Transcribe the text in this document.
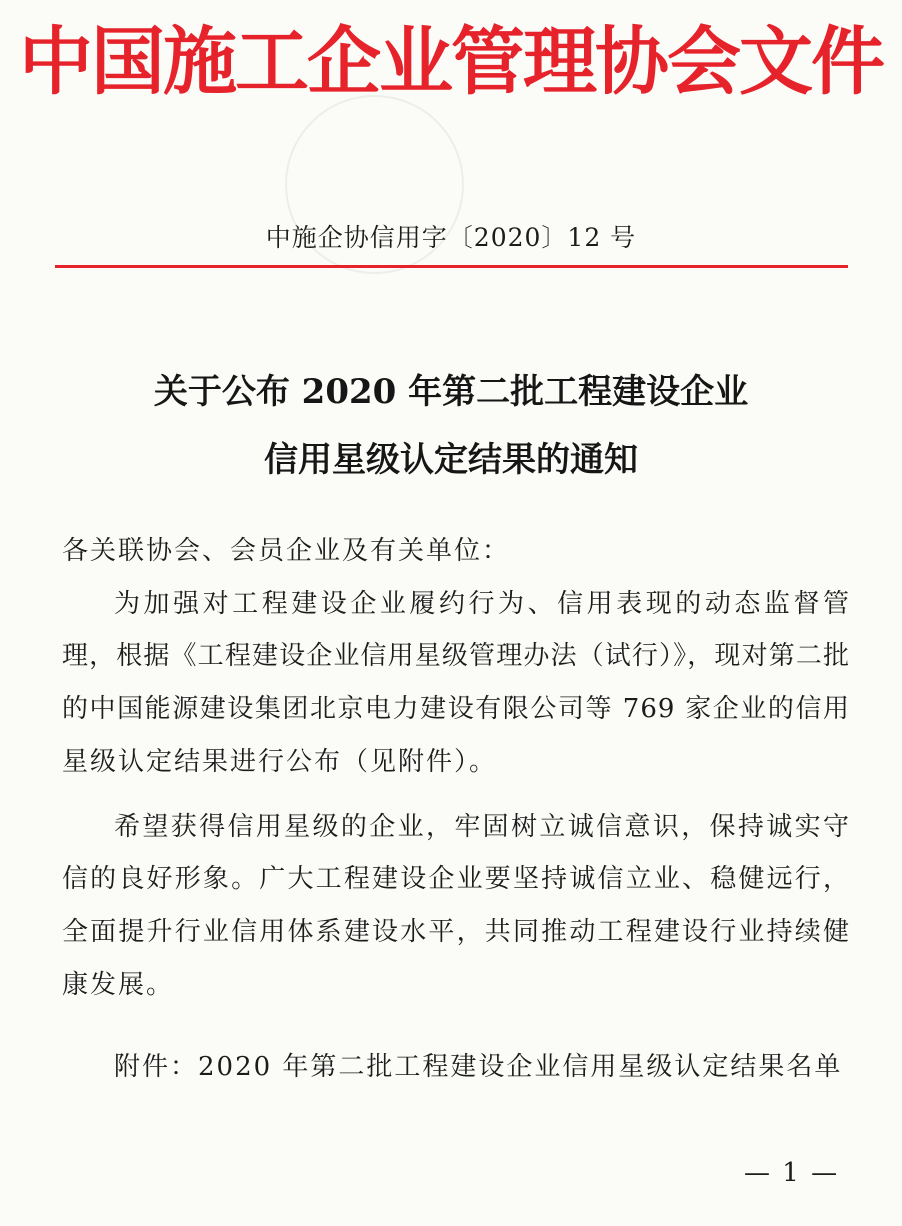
中国施工企业管理协会文件
中施企协信用字〔2020〕12 号
关于公布 2020 年第二批工程建设企业
信用星级认定结果的通知
各关联协会、会员企业及有关单位：
为加强对工程建设企业履约行为、信用表现的动态监督管
理，根据《工程建设企业信用星级管理办法（试行）》，现对第二批
的中国能源建设集团北京电力建设有限公司等 769 家企业的信用
星级认定结果进行公布（见附件）。
希望获得信用星级的企业，牢固树立诚信意识，保持诚实守
信的良好形象。广大工程建设企业要坚持诚信立业、稳健远行，
全面提升行业信用体系建设水平，共同推动工程建设行业持续健
康发展。
附件：2020 年第二批工程建设企业信用星级认定结果名单
— 1 —
